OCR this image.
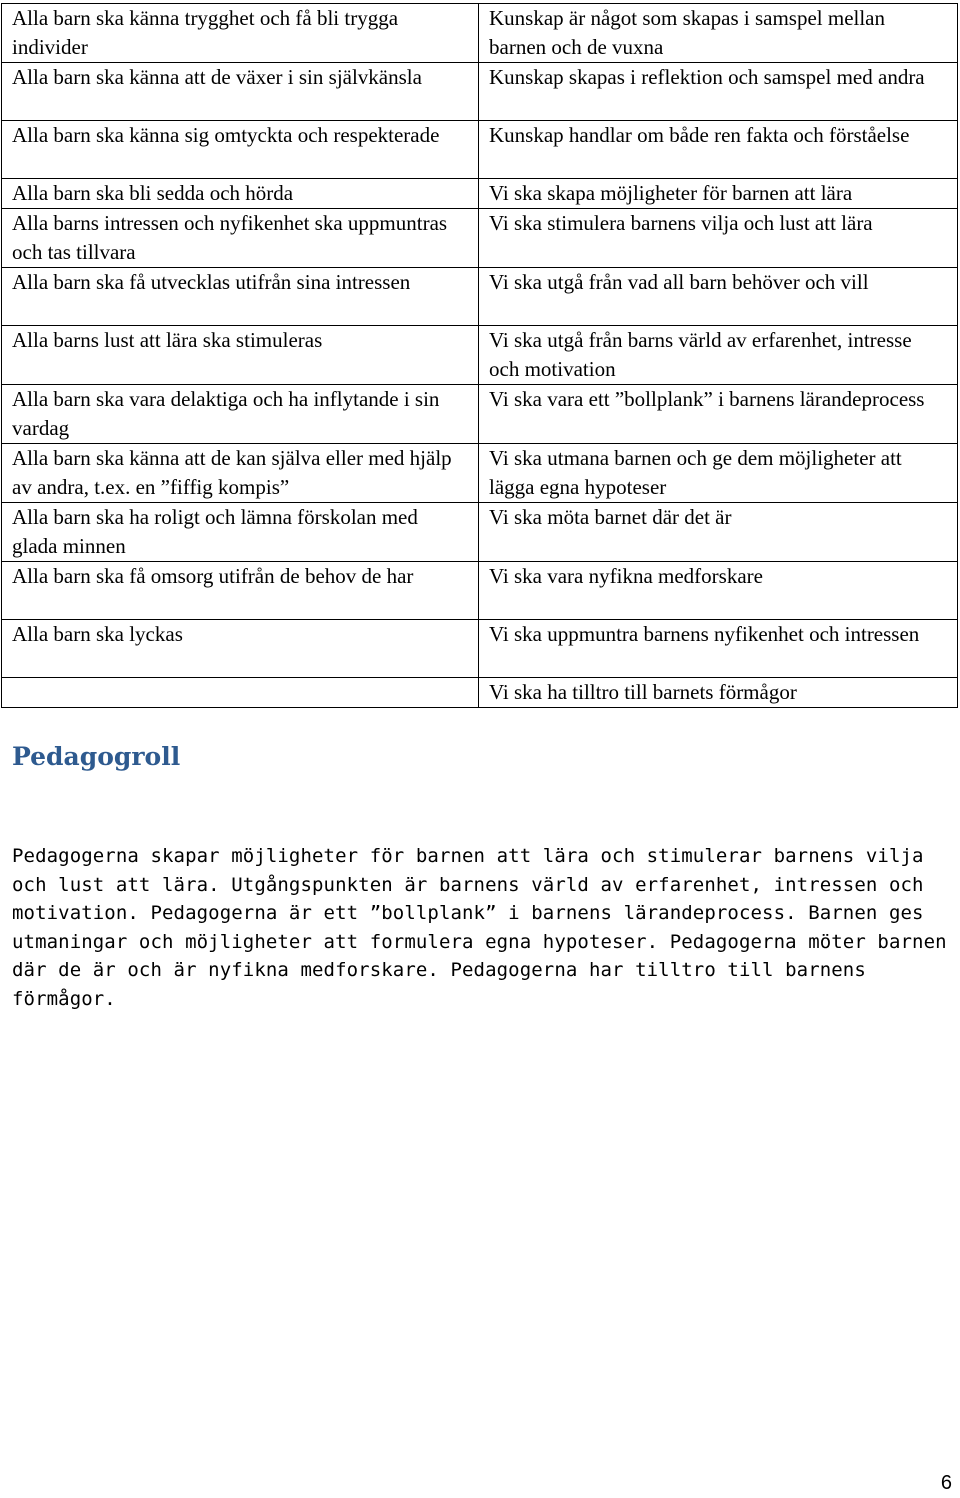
Alla barn ska känna trygghet och få bli trygga individer	Kunskap är något som skapas i samspel mellan barnen och de vuxna
Alla barn ska känna att de växer i sin självkänsla	Kunskap skapas i reflektion och samspel med andra
Alla barn ska känna sig omtyckta och respekterade	Kunskap handlar om både ren fakta och förståelse
Alla barn ska bli sedda och hörda	Vi ska skapa möjligheter för barnen att lära
Alla barns intressen och nyfikenhet ska uppmuntras och tas tillvara	Vi ska stimulera barnens vilja och lust att lära
Alla barn ska få utvecklas utifrån sina intressen	Vi ska utgå från vad all barn behöver och vill
Alla barns lust att lära ska stimuleras	Vi ska utgå från barns värld av erfarenhet, intresse och motivation
Alla barn ska vara delaktiga och ha inflytande i sin vardag	Vi ska vara ett ”bollplank” i barnens lärandeprocess
Alla barn ska känna att de kan själva eller med hjälp av andra, t.ex. en ”fiffig kompis”	Vi ska utmana barnen och ge dem möjligheter att lägga egna hypoteser
Alla barn ska ha roligt och lämna förskolan med glada minnen	Vi ska möta barnet där det är
Alla barn ska få omsorg utifrån de behov de har	Vi ska vara nyfikna medforskare
Alla barn ska lyckas	Vi ska uppmuntra barnens nyfikenhet och intressen
	Vi ska ha tilltro till barnets förmågor
Pedagogroll

Pedagogerna skapar möjligheter för barnen att lära och stimulerar barnens vilja och lust att lära. Utgångspunkten är barnens värld av erfarenhet, intressen och motivation. Pedagogerna är ett ”bollplank” i barnens lärandeprocess. Barnen ges utmaningar och möjligheter att formulera egna hypoteser. Pedagogerna möter barnen där de är och är nyfikna medforskare. Pedagogerna har tilltro till barnens förmågor.

6
